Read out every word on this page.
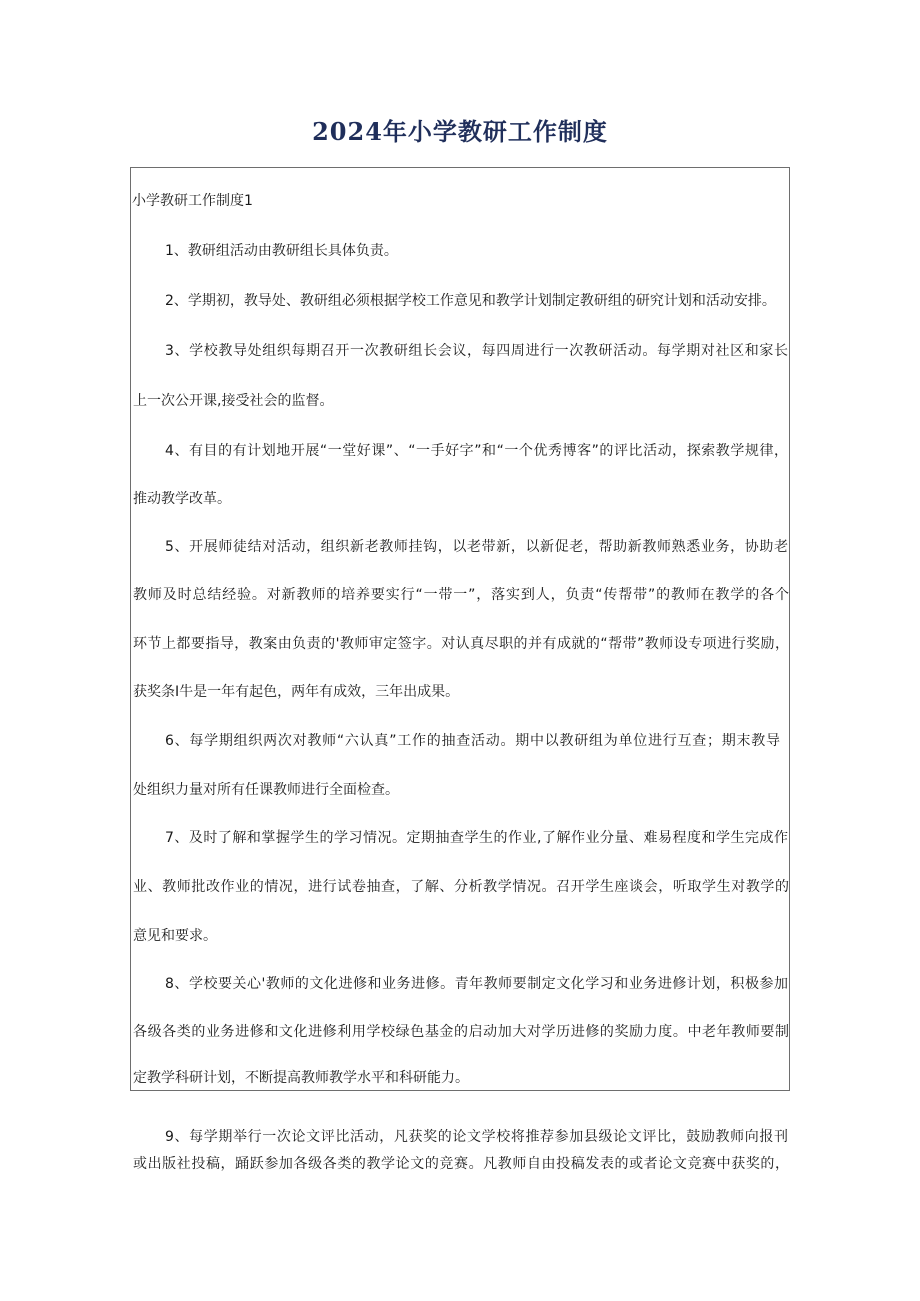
2024年小学教研工作制度
小学教研工作制度1
1、教研组活动由教研组长具体负责。
2、学期初，教导处、教研组必须根据学校工作意见和教学计划制定教研组的研究计划和活动安排。
3、学校教导处组织每期召开一次教研组长会议，每四周进行一次教研活动。每学期对社区和家长
上一次公开课,接受社会的监督。
4、有目的有计划地开展“一堂好课”、“一手好字”和“一个优秀博客”的评比活动，探索教学规律，
推动教学改革。
5、开展师徒结对活动，组织新老教师挂钩，以老带新，以新促老，帮助新教师熟悉业务，协助老
教师及时总结经验。对新教师的培养要实行“一带一”，落实到人，负责“传帮带”的教师在教学的各个
环节上都要指导，教案由负责的'教师审定签字。对认真尽职的并有成就的“帮带”教师设专项进行奖励，
获奖条I牛是一年有起色，两年有成效，三年出成果。
6、每学期组织两次对教师“六认真”工作的抽查活动。期中以教研组为单位进行互查；期末教导
处组织力量对所有任课教师进行全面检查。
7、及时了解和掌握学生的学习情况。定期抽查学生的作业,了解作业分量、难易程度和学生完成作
业、教师批改作业的情况，进行试卷抽查，了解、分析教学情况。召开学生座谈会，听取学生对教学的
意见和要求。
8、学校要关心'教师的文化进修和业务进修。青年教师要制定文化学习和业务进修计划，积极参加
各级各类的业务进修和文化进修利用学校绿色基金的启动加大对学历进修的奖励力度。中老年教师要制
定教学科研计划，不断提高教师教学水平和科研能力。
9、每学期举行一次论文评比活动，凡获奖的论文学校将推荐参加县级论文评比，鼓励教师向报刊
或出版社投稿，踊跃参加各级各类的教学论文的竞赛。凡教师自由投稿发表的或者论文竞赛中获奖的，
